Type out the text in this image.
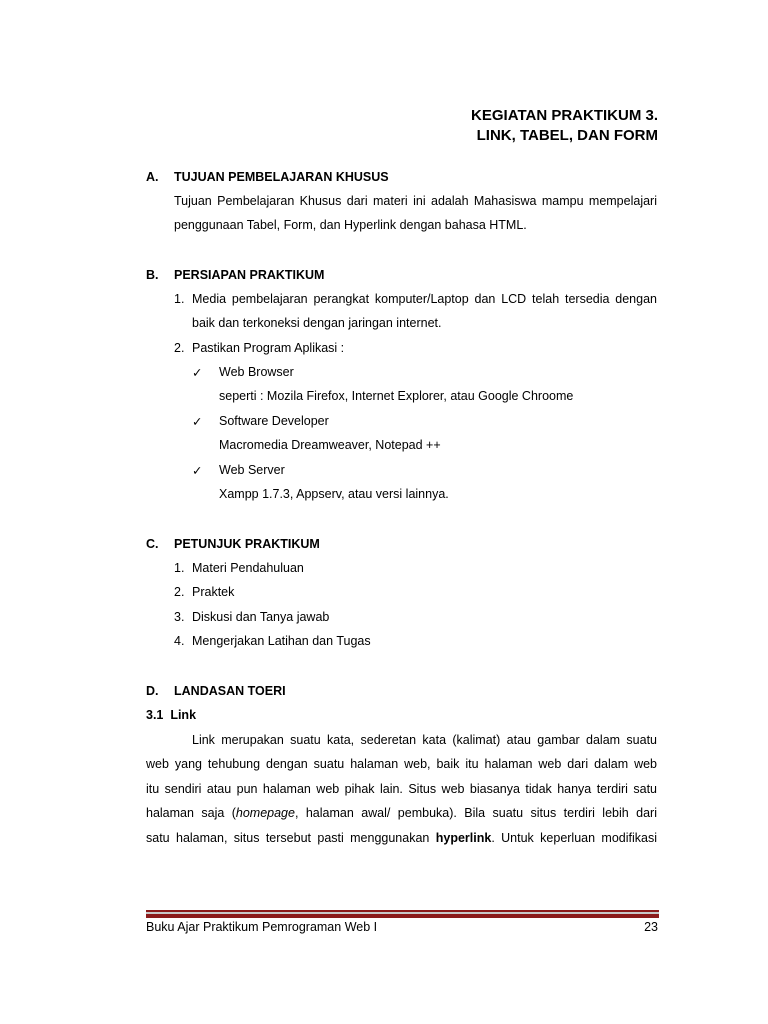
KEGIATAN PRAKTIKUM 3.
LINK, TABEL, DAN FORM
A. TUJUAN PEMBELAJARAN KHUSUS
Tujuan Pembelajaran Khusus dari materi ini adalah Mahasiswa mampu mempelajari
penggunaan Tabel, Form, dan Hyperlink dengan bahasa HTML.
B. PERSIAPAN PRAKTIKUM
1. Media pembelajaran perangkat komputer/Laptop dan LCD telah tersedia dengan
baik dan terkoneksi dengan jaringan internet.
2. Pastikan Program Aplikasi :
✓ Web Browser
seperti : Mozila Firefox, Internet Explorer, atau Google Chroome
✓ Software Developer
Macromedia Dreamweaver, Notepad ++
✓ Web Server
Xampp 1.7.3, Appserv, atau versi lainnya.
C. PETUNJUK PRAKTIKUM
1. Materi Pendahuluan
2. Praktek
3. Diskusi dan Tanya jawab
4. Mengerjakan Latihan dan Tugas
D. LANDASAN TOERI
3.1  Link
Link merupakan suatu kata, sederetan kata (kalimat) atau gambar dalam suatu
web yang tehubung dengan suatu halaman web, baik itu halaman web dari dalam web
itu sendiri atau pun halaman web pihak lain. Situs web biasanya tidak hanya terdiri satu
halaman saja (homepage, halaman awal/ pembuka). Bila suatu situs terdiri lebih dari
satu halaman, situs tersebut pasti menggunakan hyperlink. Untuk keperluan modifikasi
Buku Ajar Praktikum Pemrograman Web I	23
